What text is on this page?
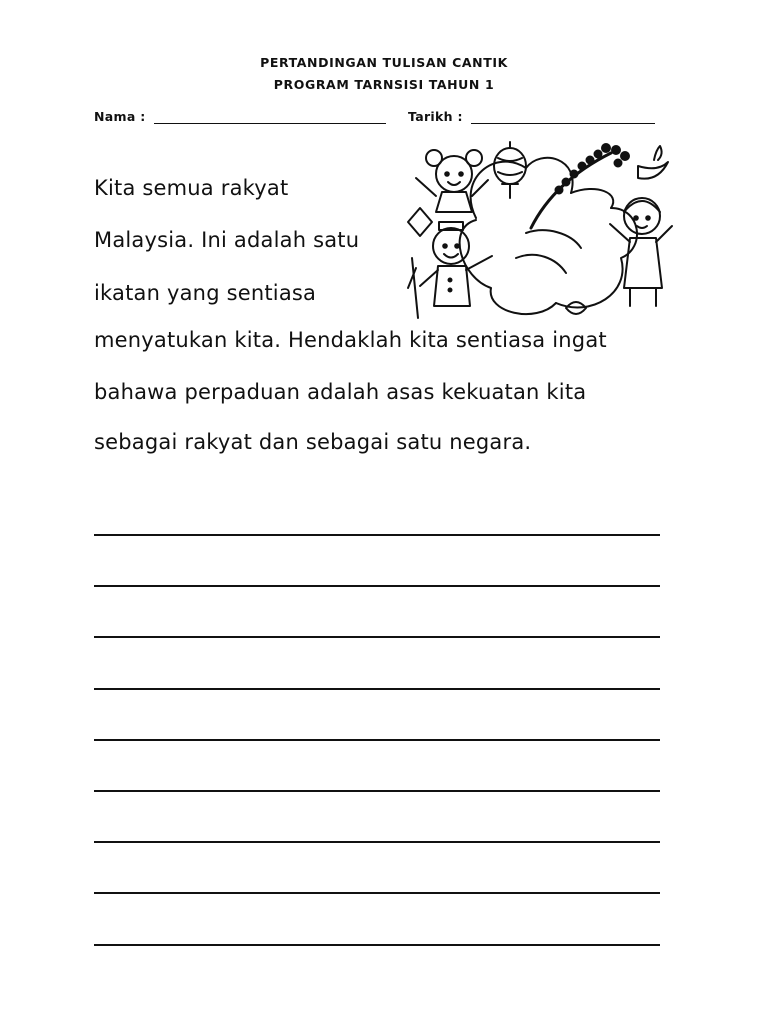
PERTANDINGAN TULISAN CANTIK
PROGRAM TARNSISI TAHUN 1
Nama :	Tarikh :
Kita semua rakyat
Malaysia. Ini adalah satu
ikatan yang sentiasa
menyatukan kita. Hendaklah kita sentiasa ingat
bahawa perpaduan adalah asas kekuatan kita
sebagai rakyat dan sebagai satu negara.
